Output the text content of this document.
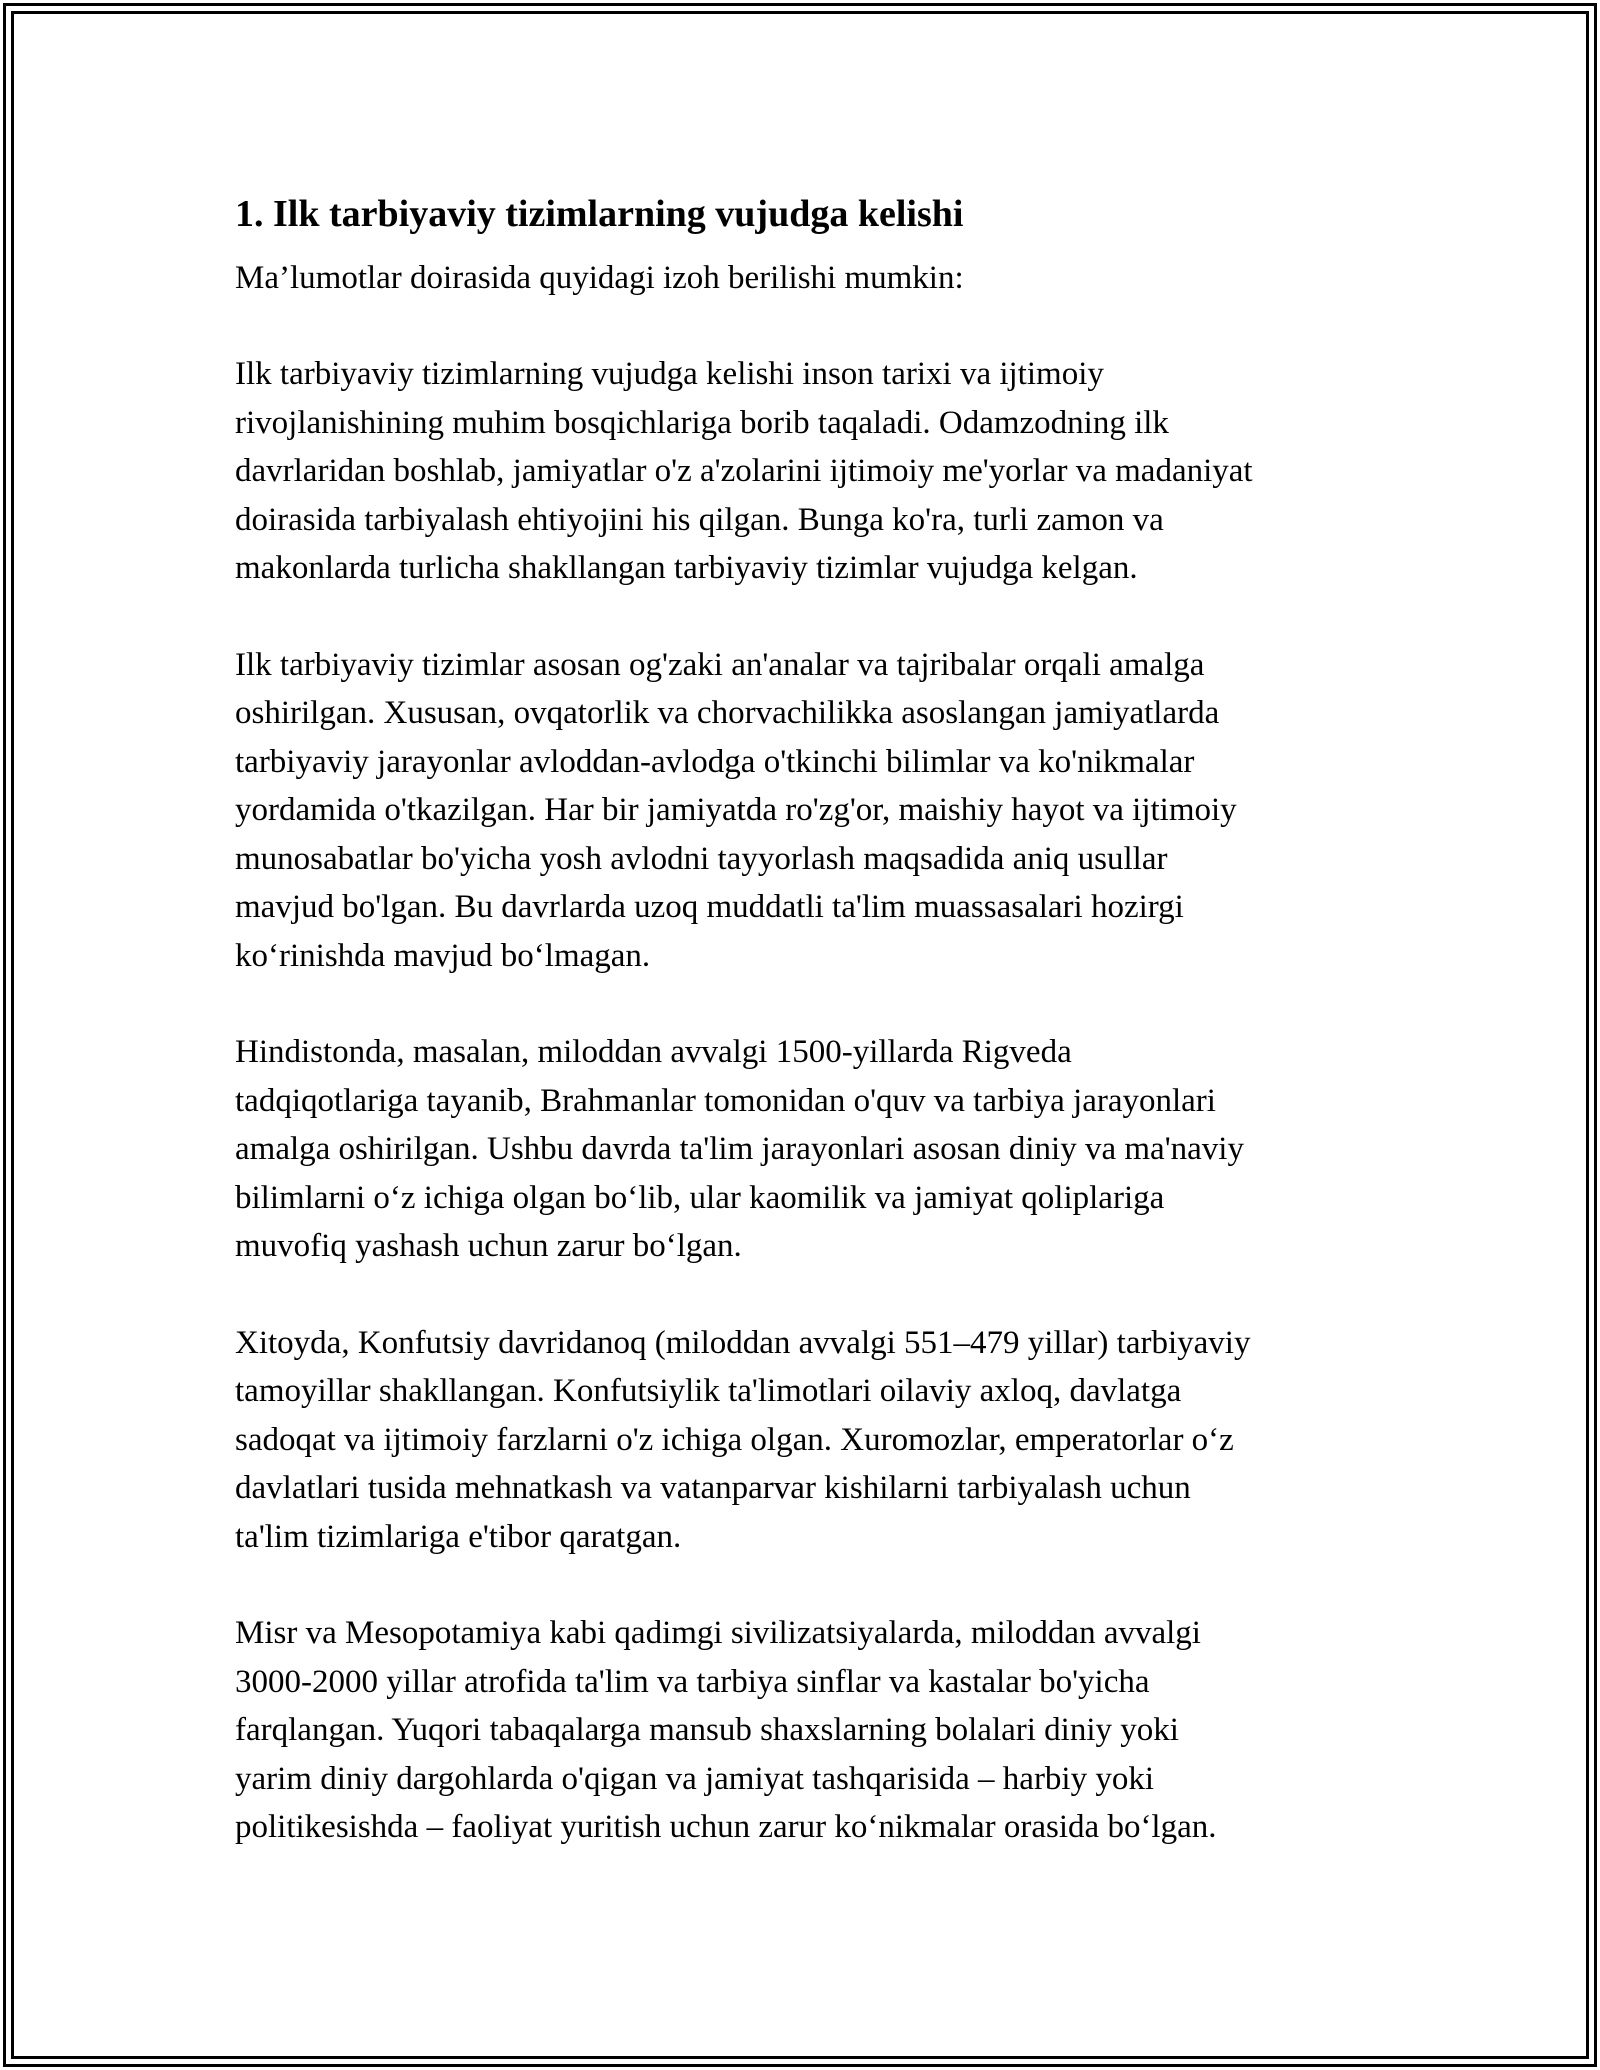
1. Ilk tarbiyaviy tizimlarning vujudga kelishi

Ma’lumotlar doirasida quyidagi izoh berilishi mumkin:

Ilk tarbiyaviy tizimlarning vujudga kelishi inson tarixi va ijtimoiy
rivojlanishining muhim bosqichlariga borib taqaladi. Odamzodning ilk
davrlaridan boshlab, jamiyatlar o'z a'zolarini ijtimoiy me'yorlar va madaniyat
doirasida tarbiyalash ehtiyojini his qilgan. Bunga ko'ra, turli zamon va
makonlarda turlicha shakllangan tarbiyaviy tizimlar vujudga kelgan.

Ilk tarbiyaviy tizimlar asosan og'zaki an'analar va tajribalar orqali amalga
oshirilgan. Xususan, ovqatorlik va chorvachilikka asoslangan jamiyatlarda
tarbiyaviy jarayonlar avloddan-avlodga o'tkinchi bilimlar va ko'nikmalar
yordamida o'tkazilgan. Har bir jamiyatda ro'zg'or, maishiy hayot va ijtimoiy
munosabatlar bo'yicha yosh avlodni tayyorlash maqsadida aniq usullar
mavjud bo'lgan. Bu davrlarda uzoq muddatli ta'lim muassasalari hozirgi
ko‘rinishda mavjud bo‘lmagan.

Hindistonda, masalan, miloddan avvalgi 1500-yillarda Rigveda
tadqiqotlariga tayanib, Brahmanlar tomonidan o'quv va tarbiya jarayonlari
amalga oshirilgan. Ushbu davrda ta'lim jarayonlari asosan diniy va ma'naviy
bilimlarni o‘z ichiga olgan bo‘lib, ular kaomilik va jamiyat qoliplariga
muvofiq yashash uchun zarur bo‘lgan.

Xitoyda, Konfutsiy davridanoq (miloddan avvalgi 551–479 yillar) tarbiyaviy
tamoyillar shakllangan. Konfutsiylik ta'limotlari oilaviy axloq, davlatga
sadoqat va ijtimoiy farzlarni o'z ichiga olgan. Xuromozlar, emperatorlar o‘z
davlatlari tusida mehnatkash va vatanparvar kishilarni tarbiyalash uchun
ta'lim tizimlariga e'tibor qaratgan.

Misr va Mesopotamiya kabi qadimgi sivilizatsiyalarda, miloddan avvalgi
3000-2000 yillar atrofida ta'lim va tarbiya sinflar va kastalar bo'yicha
farqlangan. Yuqori tabaqalarga mansub shaxslarning bolalari diniy yoki
yarim diniy dargohlarda o'qigan va jamiyat tashqarisida – harbiy yoki
politikesishda – faoliyat yuritish uchun zarur ko‘nikmalar orasida bo‘lgan.
